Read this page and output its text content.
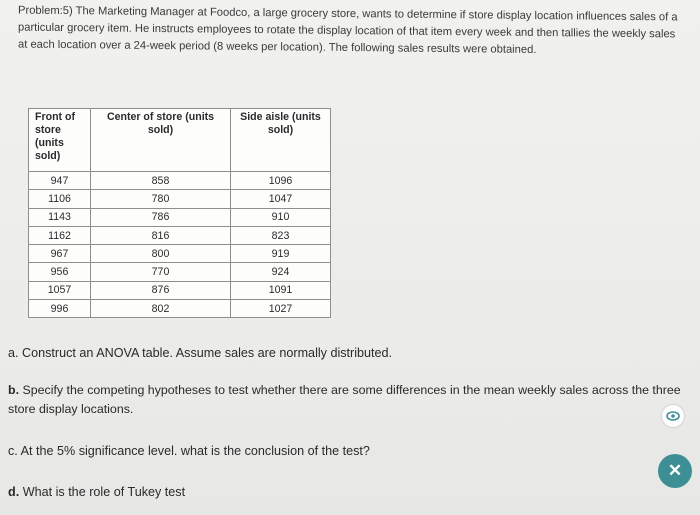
Problem:5) The Marketing Manager at Foodco, a large grocery store, wants to determine if store display location influences sales of a particular grocery item. He instructs employees to rotate the display location of that item every week and then tallies the weekly sales at each location over a 24-week period (8 weeks per location). The following sales results were obtained.
Front of store (units sold)	Center of store (units sold)	Side aisle (units sold)
947	858	1096
1106	780	1047
1143	786	910
1162	816	823
967	800	919
956	770	924
1057	876	1091
996	802	1027
a. Construct an ANOVA table. Assume sales are normally distributed.
b. Specify the competing hypotheses to test whether there are some differences in the mean weekly sales across the three store display locations.
c. At the 5% significance level. what is the conclusion of the test?
d. What is the role of Tukey test
✕
